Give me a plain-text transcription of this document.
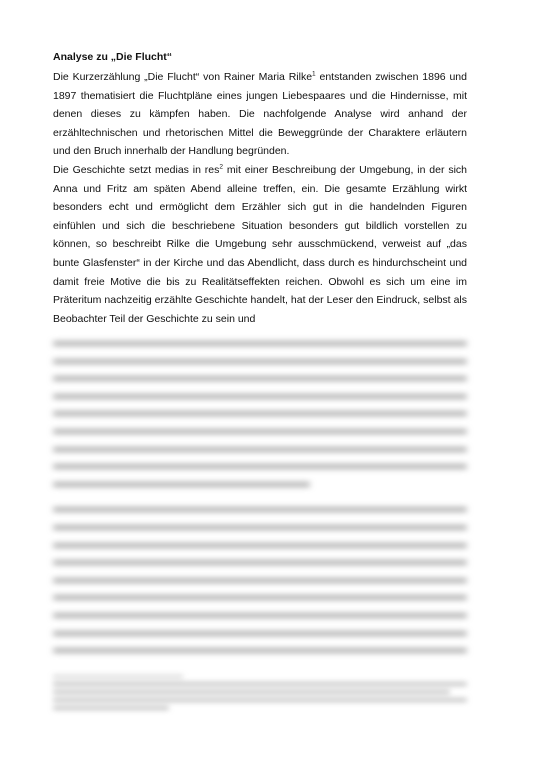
Analyse zu „Die Flucht“

Die Kurzerzählung „Die Flucht“ von Rainer Maria Rilke$^1$ entstanden zwischen 1896 und 1897 thematisiert die Fluchtpläne eines jungen Liebespaares und die Hindernisse, mit denen dieses zu kämpfen haben. Die nachfolgende Analyse wird anhand der erzähltechnischen und rhetorischen Mittel die Beweggründe der Charaktere erläutern und den Bruch innerhalb der Handlung begründen.

Die Geschichte setzt medias in res$^2$ mit einer Beschreibung der Umgebung, in der sich Anna und Fritz am späten Abend alleine treffen, ein. Die gesamte Erzählung wirkt besonders echt und ermöglicht dem Erzähler sich gut in die handelnden Figuren einfühlen und sich die beschriebene Situation besonders gut bildlich vorstellen zu können, so beschreibt Rilke die Umgebung sehr ausschmückend, verweist auf „das bunte Glasfenster“ in der Kirche und das Abendlicht, dass durch es hindurchscheint und damit freie Motive die bis zu Realitätseffekten reichen. Obwohl es sich um eine im Präteritum nachzeitig erzählte Geschichte handelt, hat der Leser den Eindruck, selbst als Beobachter Teil der Geschichte zu sein und
